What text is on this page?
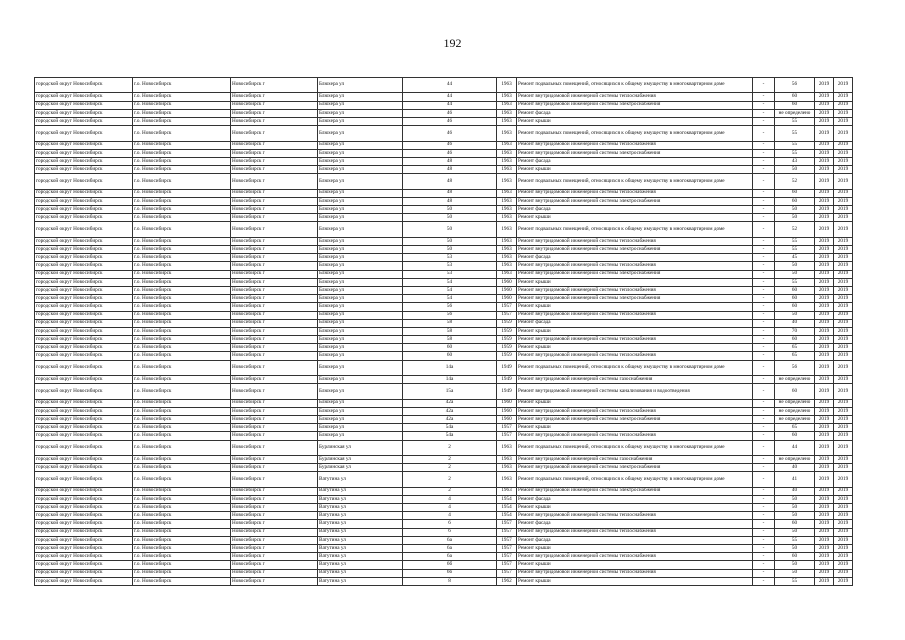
192
городской округ Новосибирск	г.о. Новосибирск	Новосибирск г	Блюхера ул	44	1963	Ремонт подвальных помещений, относящихся к общему имуществу в многоквартирном доме	-	56	2019	2019
городской округ Новосибирск	г.о. Новосибирск	Новосибирск г	Блюхера ул	44	1963	Ремонт внутридомовой инженерной системы теплоснабжения	-	60	2019	2019
городской округ Новосибирск	г.о. Новосибирск	Новосибирск г	Блюхера ул	44	1963	Ремонт внутридомовой инженерной системы электроснабжения	-	60	2019	2019
городской округ Новосибирск	г.о. Новосибирск	Новосибирск г	Блюхера ул	46	1963	Ремонт фасада	-	не определено	2019	2019
городской округ Новосибирск	г.о. Новосибирск	Новосибирск г	Блюхера ул	46	1963	Ремонт крыши	-	55	2019	2019
городской округ Новосибирск	г.о. Новосибирск	Новосибирск г	Блюхера ул	46	1963	Ремонт подвальных помещений, относящихся к общему имуществу в многоквартирном доме	-	55	2019	2019
городской округ Новосибирск	г.о. Новосибирск	Новосибирск г	Блюхера ул	46	1963	Ремонт внутридомовой инженерной системы теплоснабжения	-	55	2019	2019
городской округ Новосибирск	г.о. Новосибирск	Новосибирск г	Блюхера ул	46	1963	Ремонт внутридомовой инженерной системы электроснабжения	-	55	2019	2019
городской округ Новосибирск	г.о. Новосибирск	Новосибирск г	Блюхера ул	48	1963	Ремонт фасада	-	43	2019	2019
городской округ Новосибирск	г.о. Новосибирск	Новосибирск г	Блюхера ул	48	1963	Ремонт крыши	-	50	2019	2019
городской округ Новосибирск	г.о. Новосибирск	Новосибирск г	Блюхера ул	48	1963	Ремонт подвальных помещений, относящихся к общему имуществу в многоквартирном доме	-	52	2019	2019
городской округ Новосибирск	г.о. Новосибирск	Новосибирск г	Блюхера ул	48	1963	Ремонт внутридомовой инженерной системы теплоснабжения	-	60	2019	2019
городской округ Новосибирск	г.о. Новосибирск	Новосибирск г	Блюхера ул	48	1963	Ремонт внутридомовой инженерной системы электроснабжения	-	60	2019	2019
городской округ Новосибирск	г.о. Новосибирск	Новосибирск г	Блюхера ул	50	1963	Ремонт фасада	-	50	2019	2019
городской округ Новосибирск	г.о. Новосибирск	Новосибирск г	Блюхера ул	50	1963	Ремонт крыши	-	50	2019	2019
городской округ Новосибирск	г.о. Новосибирск	Новосибирск г	Блюхера ул	50	1963	Ремонт подвальных помещений, относящихся к общему имуществу в многоквартирном доме	-	52	2019	2019
городской округ Новосибирск	г.о. Новосибирск	Новосибирск г	Блюхера ул	50	1963	Ремонт внутридомовой инженерной системы теплоснабжения	-	55	2019	2019
городской округ Новосибирск	г.о. Новосибирск	Новосибирск г	Блюхера ул	50	1963	Ремонт внутридомовой инженерной системы электроснабжения	-	55	2019	2019
городской округ Новосибирск	г.о. Новосибирск	Новосибирск г	Блюхера ул	53	1963	Ремонт фасада	-	45	2019	2019
городской округ Новосибирск	г.о. Новосибирск	Новосибирск г	Блюхера ул	53	1963	Ремонт внутридомовой инженерной системы теплоснабжения	-	50	2019	2019
городской округ Новосибирск	г.о. Новосибирск	Новосибирск г	Блюхера ул	53	1963	Ремонт внутридомовой инженерной системы электроснабжения	-	50	2019	2019
городской округ Новосибирск	г.о. Новосибирск	Новосибирск г	Блюхера ул	54	1960	Ремонт крыши	-	55	2019	2019
городской округ Новосибирск	г.о. Новосибирск	Новосибирск г	Блюхера ул	54	1960	Ремонт внутридомовой инженерной системы теплоснабжения	-	60	2019	2019
городской округ Новосибирск	г.о. Новосибирск	Новосибирск г	Блюхера ул	54	1960	Ремонт внутридомовой инженерной системы электроснабжения	-	60	2019	2019
городской округ Новосибирск	г.о. Новосибирск	Новосибирск г	Блюхера ул	56	1957	Ремонт крыши	-	60	2019	2019
городской округ Новосибирск	г.о. Новосибирск	Новосибирск г	Блюхера ул	56	1957	Ремонт внутридомовой инженерной системы теплоснабжения	-	50	2019	2019
городской округ Новосибирск	г.о. Новосибирск	Новосибирск г	Блюхера ул	58	1959	Ремонт фасада	-	40	2019	2019
городской округ Новосибирск	г.о. Новосибирск	Новосибирск г	Блюхера ул	58	1959	Ремонт крыши	-	70	2019	2019
городской округ Новосибирск	г.о. Новосибирск	Новосибирск г	Блюхера ул	58	1959	Ремонт внутридомовой инженерной системы теплоснабжения	-	60	2019	2019
городской округ Новосибирск	г.о. Новосибирск	Новосибирск г	Блюхера ул	60	1959	Ремонт крыши	-	65	2019	2019
городской округ Новосибирск	г.о. Новосибирск	Новосибирск г	Блюхера ул	60	1959	Ремонт внутридомовой инженерной системы теплоснабжения	-	65	2019	2019
городской округ Новосибирск	г.о. Новосибирск	Новосибирск г	Блюхера ул	14а	1949	Ремонт подвальных помещений, относящихся к общему имуществу в многоквартирном доме	-	56	2019	2019
городской округ Новосибирск	г.о. Новосибирск	Новосибирск г	Блюхера ул	14а	1949	Ремонт внутридомовой инженерной системы газоснабжения	-	не определено	2019	2019
городской округ Новосибирск	г.о. Новосибирск	Новосибирск г	Блюхера ул	15а	1949	Ремонт внутридомовой инженерной системы канализования и водоотведения	-	60	2019	2019
городской округ Новосибирск	г.о. Новосибирск	Новосибирск г	Блюхера ул	42а	1960	Ремонт крыши	-	не определено	2019	2019
городской округ Новосибирск	г.о. Новосибирск	Новосибирск г	Блюхера ул	42а	1960	Ремонт внутридомовой инженерной системы теплоснабжения	-	не определено	2019	2019
городской округ Новосибирск	г.о. Новосибирск	Новосибирск г	Блюхера ул	42а	1960	Ремонт внутридомовой инженерной системы электроснабжения	-	не определено	2019	2019
городской округ Новосибирск	г.о. Новосибирск	Новосибирск г	Блюхера ул	54а	1957	Ремонт крыши	-	65	2019	2019
городской округ Новосибирск	г.о. Новосибирск	Новосибирск г	Блюхера ул	54а	1957	Ремонт внутридомовой инженерной системы теплоснабжения	-	60	2019	2019
городской округ Новосибирск	г.о. Новосибирск	Новосибирск г	Бурлинская ул	2	1963	Ремонт подвальных помещений, относящихся к общему имуществу в многоквартирном доме	-	44	2019	2019
городской округ Новосибирск	г.о. Новосибирск	Новосибирск г	Бурлинская ул	2	1963	Ремонт внутридомовой инженерной системы газоснабжения	-	не определено	2019	2019
городской округ Новосибирск	г.о. Новосибирск	Новосибирск г	Бурлинская ул	2	1963	Ремонт внутридомовой инженерной системы электроснабжения	-	40	2019	2019
городской округ Новосибирск	г.о. Новосибирск	Новосибирск г	Ватутина ул	2	1963	Ремонт подвальных помещений, относящихся к общему имуществу в многоквартирном доме	-	41	2019	2019
городской округ Новосибирск	г.о. Новосибирск	Новосибирск г	Ватутина ул	2	1963	Ремонт внутридомовой инженерной системы электроснабжения	-	40	2019	2019
городской округ Новосибирск	г.о. Новосибирск	Новосибирск г	Ватутина ул	4	1954	Ремонт фасада	-	50	2019	2019
городской округ Новосибирск	г.о. Новосибирск	Новосибирск г	Ватутина ул	4	1954	Ремонт крыши	-	50	2019	2019
городской округ Новосибирск	г.о. Новосибирск	Новосибирск г	Ватутина ул	4	1954	Ремонт внутридомовой инженерной системы теплоснабжения	-	50	2019	2019
городской округ Новосибирск	г.о. Новосибирск	Новосибирск г	Ватутина ул	6	1957	Ремонт фасада	-	60	2019	2019
городской округ Новосибирск	г.о. Новосибирск	Новосибирск г	Ватутина ул	6	1957	Ремонт внутридомовой инженерной системы теплоснабжения	-	50	2019	2019
городской округ Новосибирск	г.о. Новосибирск	Новосибирск г	Ватутина ул	6а	1957	Ремонт фасада	-	55	2019	2019
городской округ Новосибирск	г.о. Новосибирск	Новосибирск г	Ватутина ул	6а	1957	Ремонт крыши	-	50	2019	2019
городской округ Новосибирск	г.о. Новосибирск	Новосибирск г	Ватутина ул	6а	1957	Ремонт внутридомовой инженерной системы теплоснабжения	-	60	2019	2019
городской округ Новосибирск	г.о. Новосибирск	Новосибирск г	Ватутина ул	6б	1957	Ремонт крыши	-	50	2019	2019
городской округ Новосибирск	г.о. Новосибирск	Новосибирск г	Ватутина ул	6б	1957	Ремонт внутридомовой инженерной системы теплоснабжения	-	50	2019	2019
городской округ Новосибирск	г.о. Новосибирск	Новосибирск г	Ватутина ул	8	1962	Ремонт крыши	-	55	2019	2019
